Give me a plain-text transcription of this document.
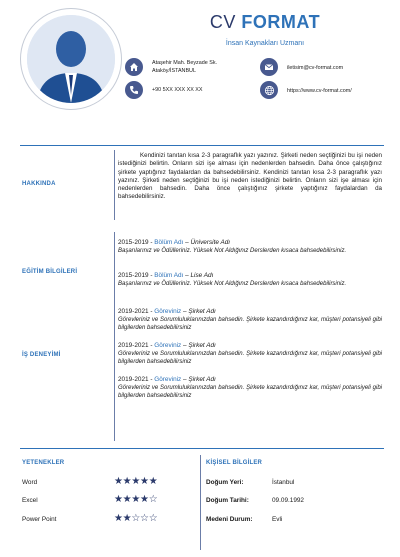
CV FORMAT
İnsan Kaynakları Uzmanı
Ataşehir Mah. Beyzade Sk.
Ataköy/İSTANBUL
+90 5XX XXX XX XX
iletisim@cv-format.com
https://www.cv-format.com/
HAKKINDA
Kendinizi tanıtan kısa 2-3 paragraflık yazı yazınız. Şirketi neden seçtiğinizi bu işi neden istediğinizi belirtin. Onların sizi işe alması için nedenlerden bahsedin. Daha önce çalıştığınız şirkete yaptığınız faydalardan da bahsedebilirsiniz. Kendinizi tanıtan kısa 2-3 paragraflık yazı yazınız. Şirketi neden seçtiğinizi bu işi neden istediğinizi belirtin. Onların sizi işe alması için nedenlerden bahsedin. Daha önce çalıştığınız şirkete yaptığınız faydalardan da bahsedebilirsiniz.
EĞİTİM BİLGİLERİ
2015-2019 - Bölüm Adı – Üniversite Adı
Başarılarınız ve Ödülleriniz. Yüksek Not Aldığınız Derslerden kısaca bahsedebilirsiniz.
2015-2019 - Bölüm Adı – Lise Adı
Başarılarınız ve Ödülleriniz. Yüksek Not Aldığınız Derslerden kısaca bahsedebilirsiniz.
İŞ DENEYİMİ
2019-2021 - Göreviniz – Şirket Adı
Görevleriniz ve Sorumluluklarınızdan bahsedin. Şirkete kazandırdığınız kar, müşteri potansiyeli gibi bilgilerden bahsedebilirsiniz
2019-2021 - Göreviniz – Şirket Adı
Görevleriniz ve Sorumluluklarınızdan bahsedin. Şirkete kazandırdığınız kar, müşteri potansiyeli gibi bilgilerden bahsedebilirsiniz
2019-2021 - Göreviniz – Şirket Adı
Görevleriniz ve Sorumluluklarınızdan bahsedin. Şirkete kazandırdığınız kar, müşteri potansiyeli gibi bilgilerden bahsedebilirsiniz
YETENEKLER
Word	★★★★★
Excel	★★★★☆
Power Point	★★☆☆☆
KİŞİSEL BİLGİLER
Doğum Yeri:	İstanbul
Doğum Tarihi:	09.09.1992
Medeni Durum:	Evli
